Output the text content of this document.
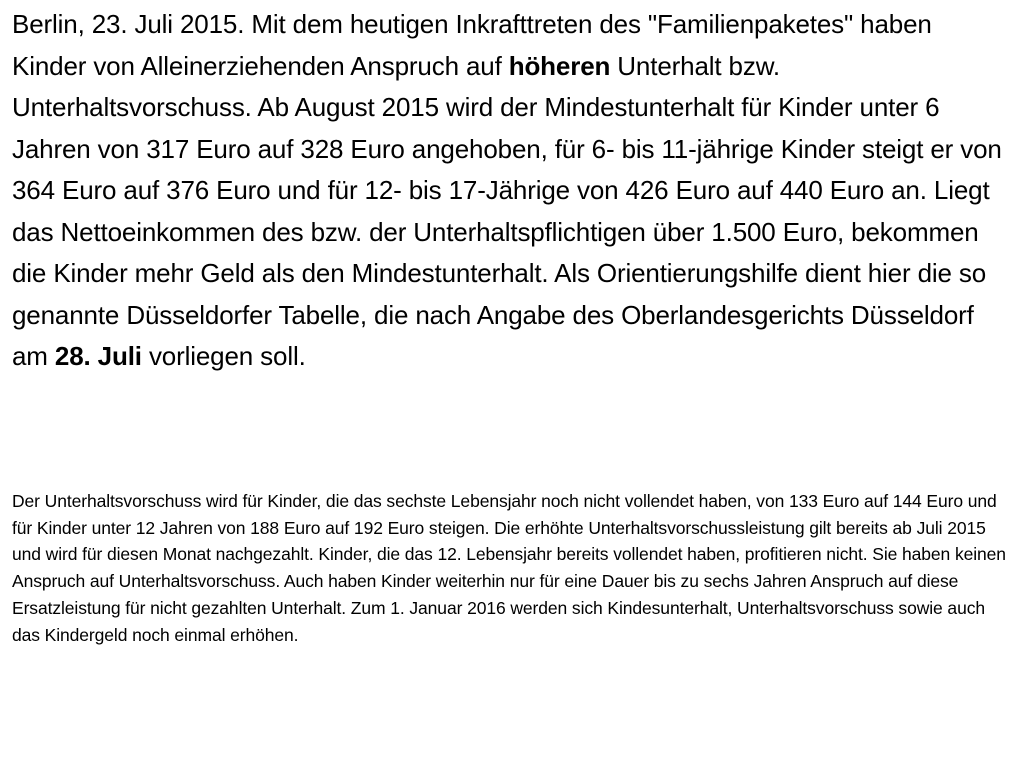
Berlin, 23. Juli 2015. Mit dem heutigen Inkrafttreten des "Familienpaketes" haben Kinder von Alleinerziehenden Anspruch auf höheren Unterhalt bzw. Unterhaltsvorschuss. Ab August 2015 wird der Mindestunterhalt für Kinder unter 6 Jahren von 317 Euro auf 328 Euro angehoben, für 6- bis 11-jährige Kinder steigt er von 364 Euro auf 376 Euro und für 12- bis 17-Jährige von 426 Euro auf 440 Euro an. Liegt das Nettoeinkommen des bzw. der Unterhaltspflichtigen über 1.500 Euro, bekommen die Kinder mehr Geld als den Mindestunterhalt. Als Orientierungshilfe dient hier die so genannte Düsseldorfer Tabelle, die nach Angabe des Oberlandesgerichts Düsseldorf am 28. Juli vorliegen soll.

Der Unterhaltsvorschuss wird für Kinder, die das sechste Lebensjahr noch nicht vollendet haben, von 133 Euro auf 144 Euro und für Kinder unter 12 Jahren von 188 Euro auf 192 Euro steigen. Die erhöhte Unterhaltsvorschussleistung gilt bereits ab Juli 2015 und wird für diesen Monat nachgezahlt. Kinder, die das 12. Lebensjahr bereits vollendet haben, profitieren nicht. Sie haben keinen Anspruch auf Unterhaltsvorschuss. Auch haben Kinder weiterhin nur für eine Dauer bis zu sechs Jahren Anspruch auf diese Ersatzleistung für nicht gezahlten Unterhalt. Zum 1. Januar 2016 werden sich Kindesunterhalt, Unterhaltsvorschuss sowie auch das Kindergeld noch einmal erhöhen.
